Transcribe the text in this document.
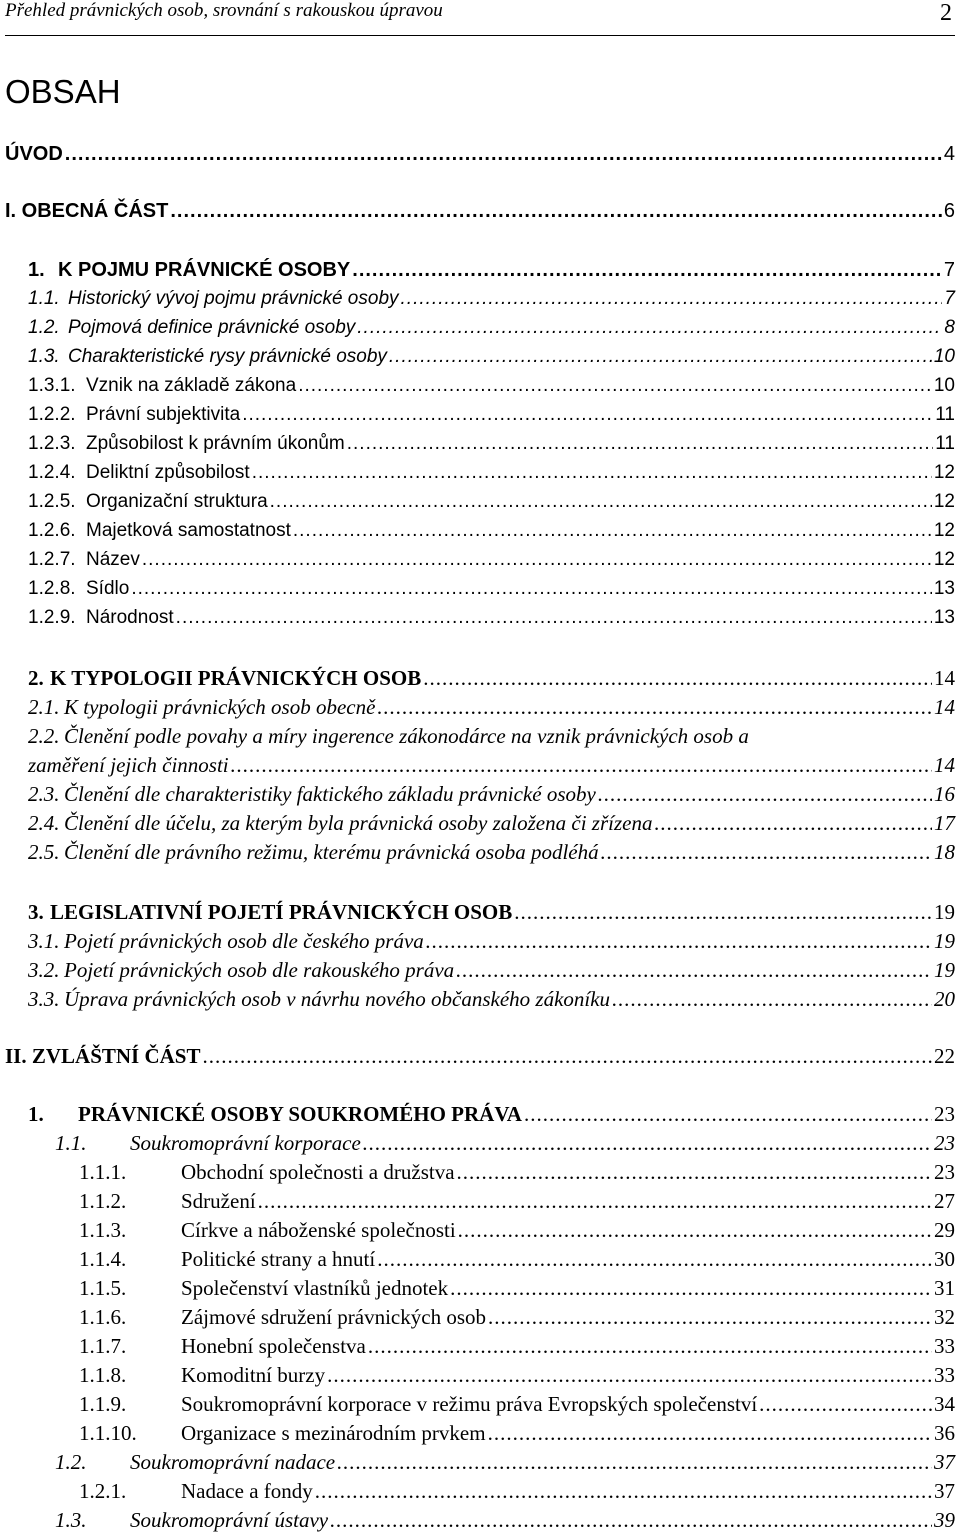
Přehled právnických osob, srovnání s rakouskou úpravou	2
OBSAH
ÚVOD .....	4
I. OBECNÁ ČÁST .....	6
1. K POJMU PRÁVNICKÉ OSOBY .....	7
1.1. Historický vývoj pojmu právnické osoby .....	7
1.2. Pojmová definice právnické osoby .....	8
1.3. Charakteristické rysy právnické osoby .....	10
1.3.1. Vznik na základě zákona .....	10
1.2.2. Právní subjektivita .....	11
1.2.3. Způsobilost k právním úkonům .....	11
1.2.4. Deliktní způsobilost .....	12
1.2.5. Organizační struktura .....	12
1.2.6. Majetková samostatnost .....	12
1.2.7. Název .....	12
1.2.8. Sídlo .....	13
1.2.9. Národnost .....	13
2. K TYPOLOGII PRÁVNICKÝCH OSOB .....	14
2.1. K typologii právnických osob obecně .....	14
2.2. Členění podle povahy a míry ingerence zákonodárce na vznik právnických osob a
zaměření jejich činnosti .....	14
2.3. Členění dle charakteristiky faktického základu právnické osoby .....	16
2.4. Členění dle účelu, za kterým byla právnická osoby založena či zřízena .....	17
2.5. Členění dle právního režimu, kterému právnická osoba podléhá .....	18
3. LEGISLATIVNÍ POJETÍ PRÁVNICKÝCH OSOB .....	19
3.1. Pojetí právnických osob dle českého práva .....	19
3.2. Pojetí právnických osob dle rakouského práva .....	19
3.3. Úprava právnických osob v návrhu nového občanského zákoníku .....	20
II. ZVLÁŠTNÍ ČÁST .....	22
1.	PRÁVNICKÉ OSOBY SOUKROMÉHO PRÁVA .....	23
1.1.	Soukromoprávní korporace .....	23
1.1.1.	Obchodní společnosti a družstva .....	23
1.1.2.	Sdružení .....	27
1.1.3.	Církve a náboženské společnosti .....	29
1.1.4.	Politické strany a hnutí .....	30
1.1.5.	Společenství vlastníků jednotek .....	31
1.1.6.	Zájmové sdružení právnických osob .....	32
1.1.7.	Honební společenstva .....	33
1.1.8.	Komoditní burzy .....	33
1.1.9.	Soukromoprávní korporace v režimu práva Evropských společenství .....	34
1.1.10.	Organizace s mezinárodním prvkem .....	36
1.2.	Soukromoprávní nadace .....	37
1.2.1.	Nadace a fondy .....	37
1.3.	Soukromoprávní ústavy .....	39
